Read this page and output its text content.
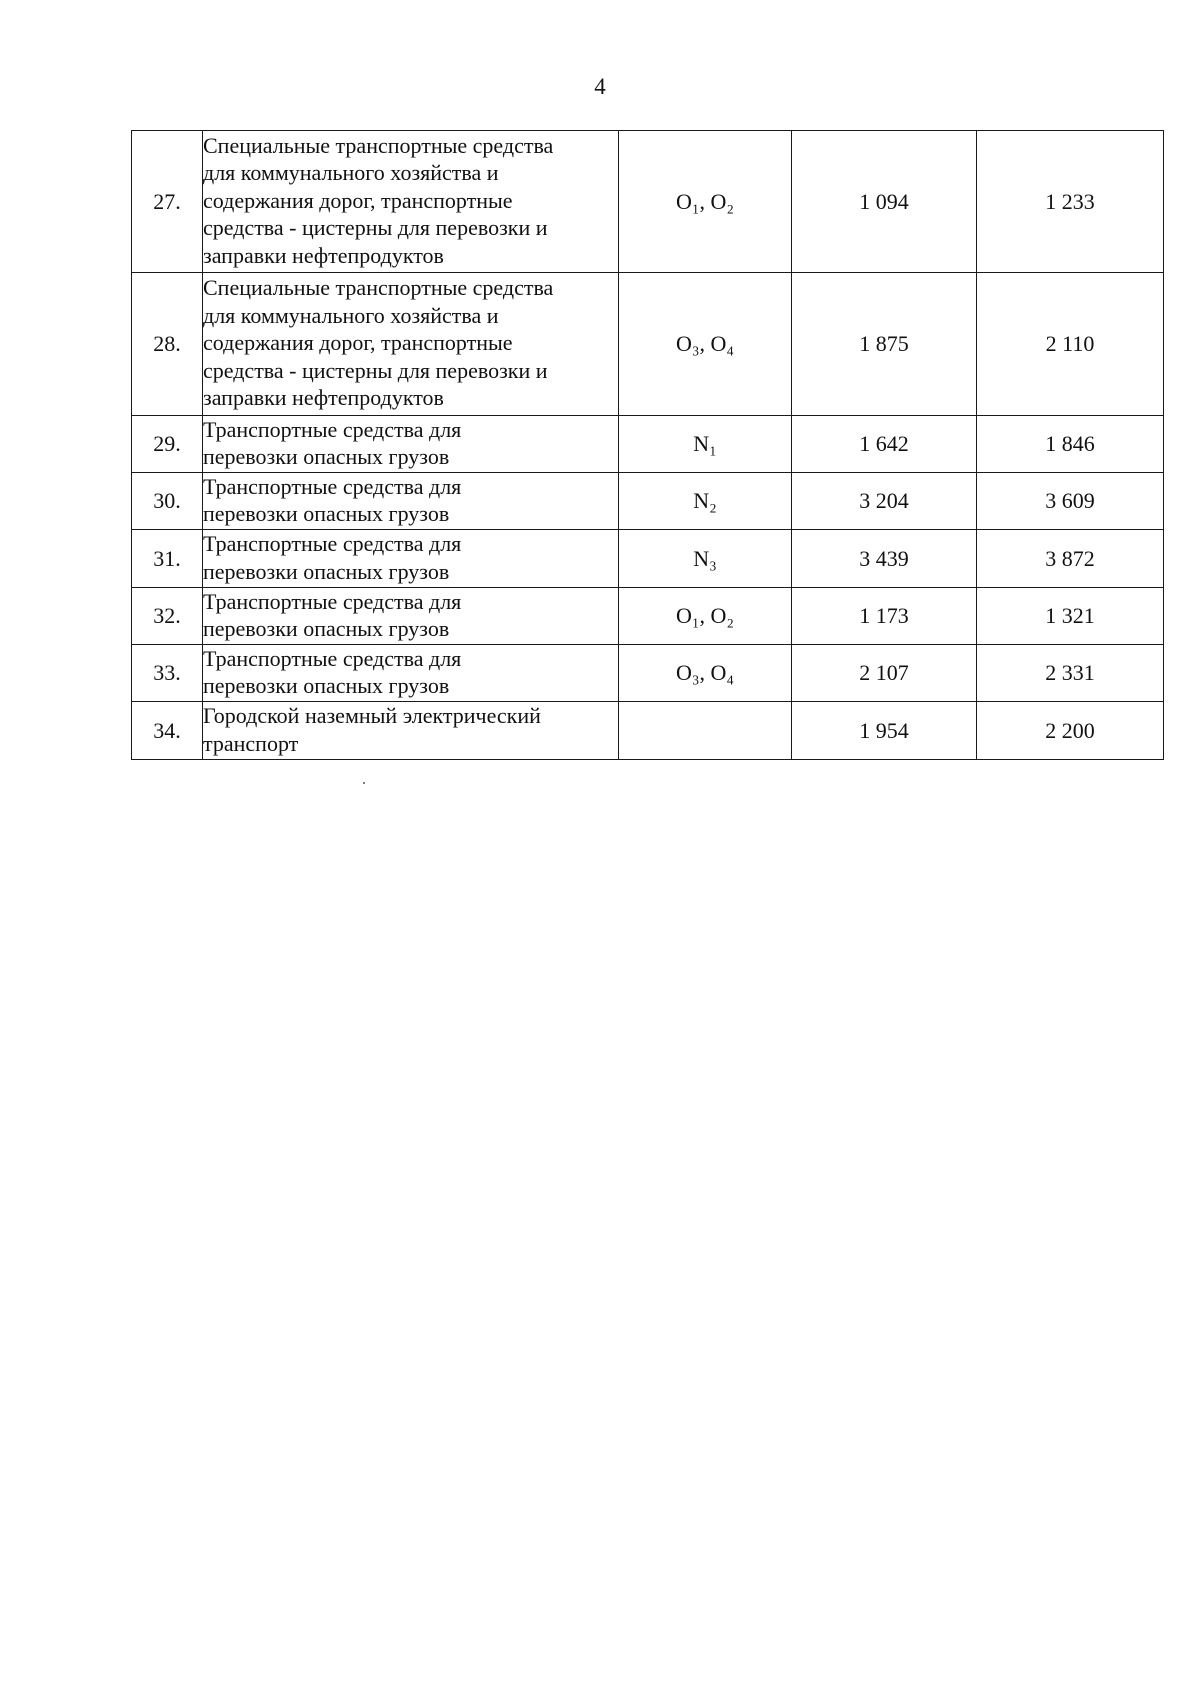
4
27.	Специальные транспортные средства
для коммунального хозяйства и
содержания дорог, транспортные
средства - цистерны для перевозки и
заправки нефтепродуктов	O₁, O₂	1 094	1 233
28.	Специальные транспортные средства
для коммунального хозяйства и
содержания дорог, транспортные
средства - цистерны для перевозки и
заправки нефтепродуктов	O₃, O₄	1 875	2 110
29.	Транспортные средства для
перевозки опасных грузов	N₁	1 642	1 846
30.	Транспортные средства для
перевозки опасных грузов	N₂	3 204	3 609
31.	Транспортные средства для
перевозки опасных грузов	N₃	3 439	3 872
32.	Транспортные средства для
перевозки опасных грузов	O₁, O₂	1 173	1 321
33.	Транспортные средства для
перевозки опасных грузов	O₃, O₄	2 107	2 331
34.	Городской наземный электрический
транспорт		1 954	2 200
